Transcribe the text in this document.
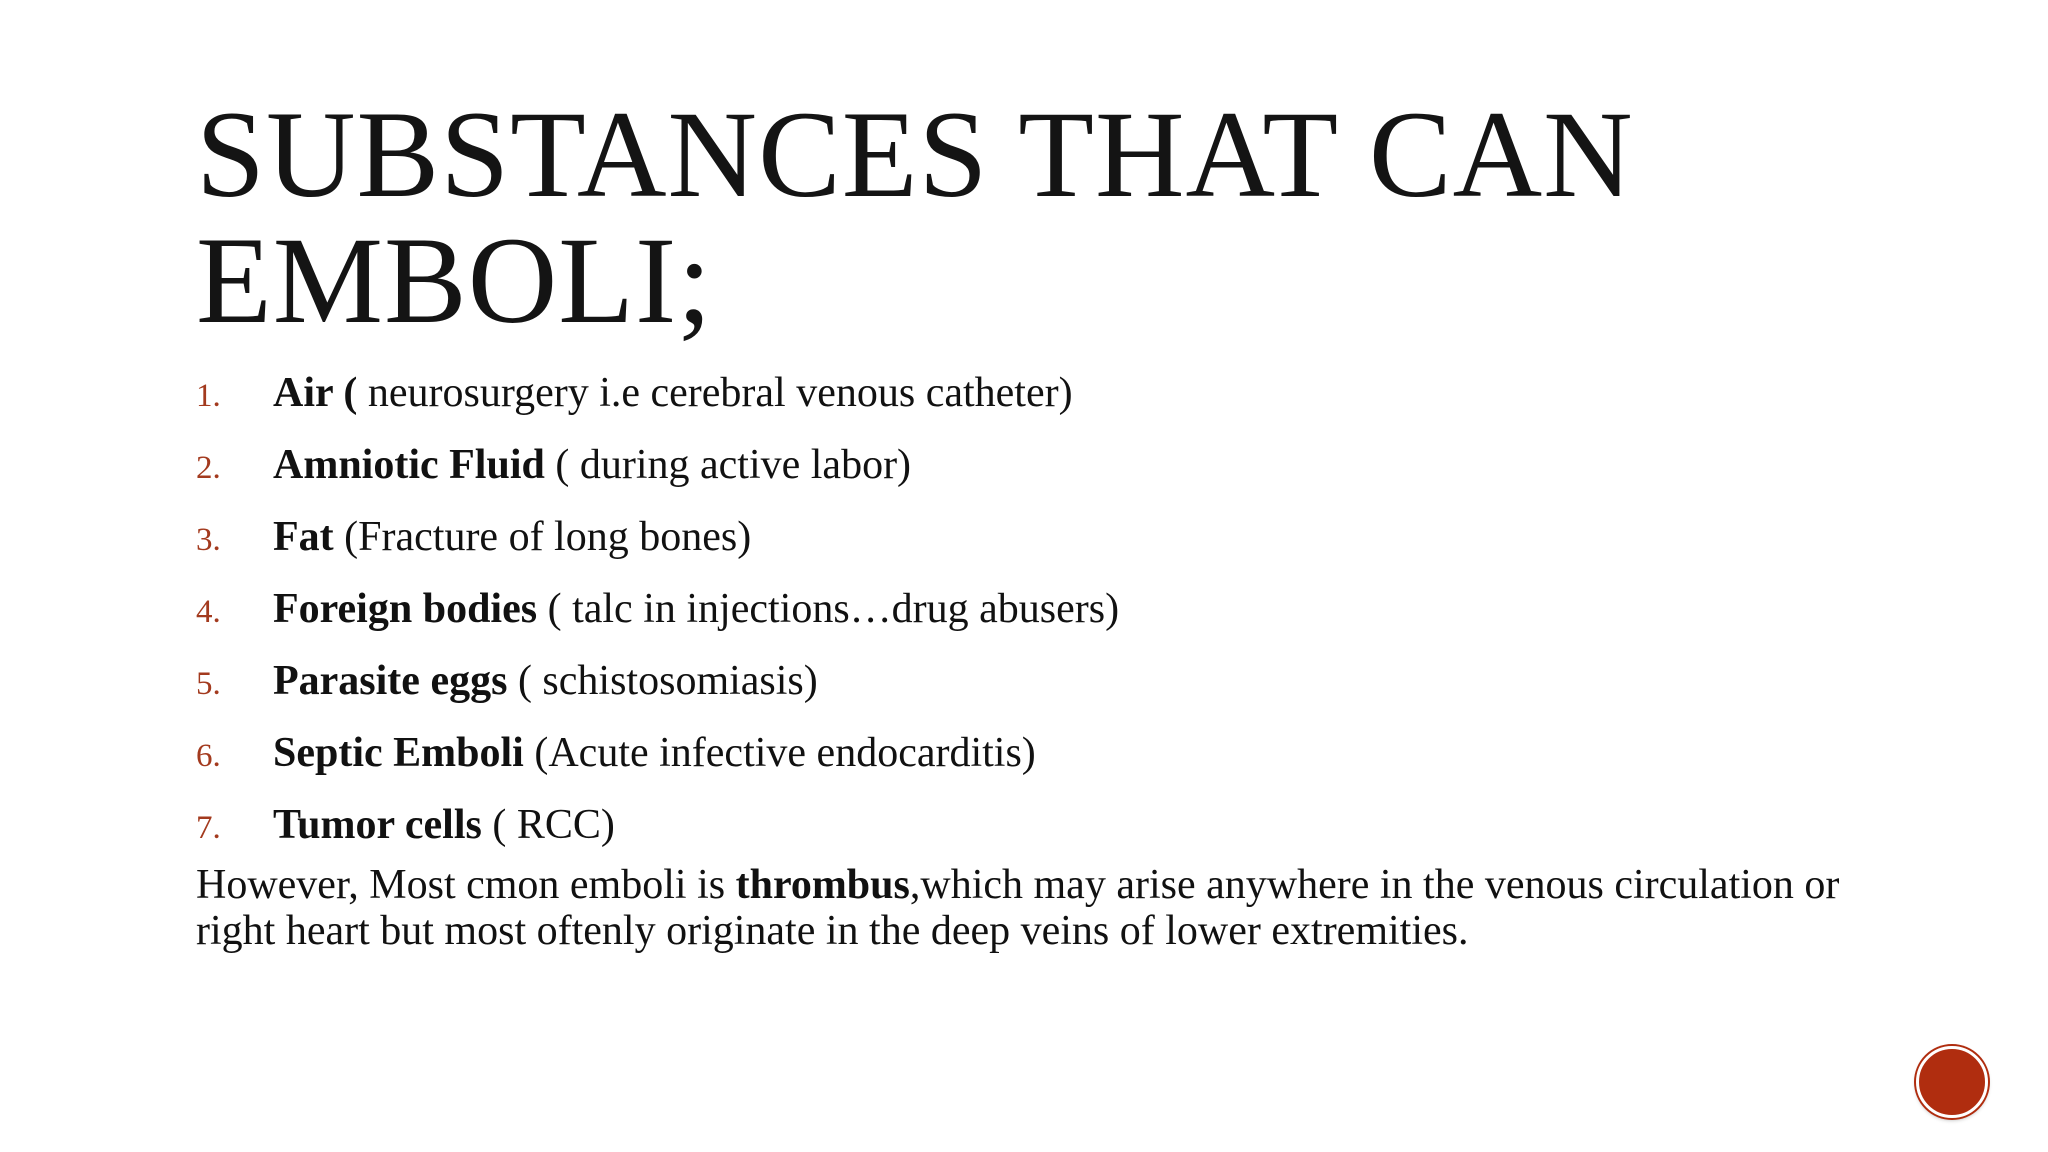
SUBSTANCES THAT CAN
EMBOLI;
1.	Air ( neurosurgery i.e cerebral venous catheter)
2.	Amniotic Fluid ( during active labor)
3.	Fat (Fracture of long bones)
4.	Foreign bodies ( talc in injections…drug abusers)
5.	Parasite eggs ( schistosomiasis)
6.	Septic Emboli (Acute infective endocarditis)
7.	Tumor cells ( RCC)

However, Most cmon emboli is thrombus,which may arise anywhere in the venous circulation or right heart but most oftenly originate in the deep veins of lower extremities.
